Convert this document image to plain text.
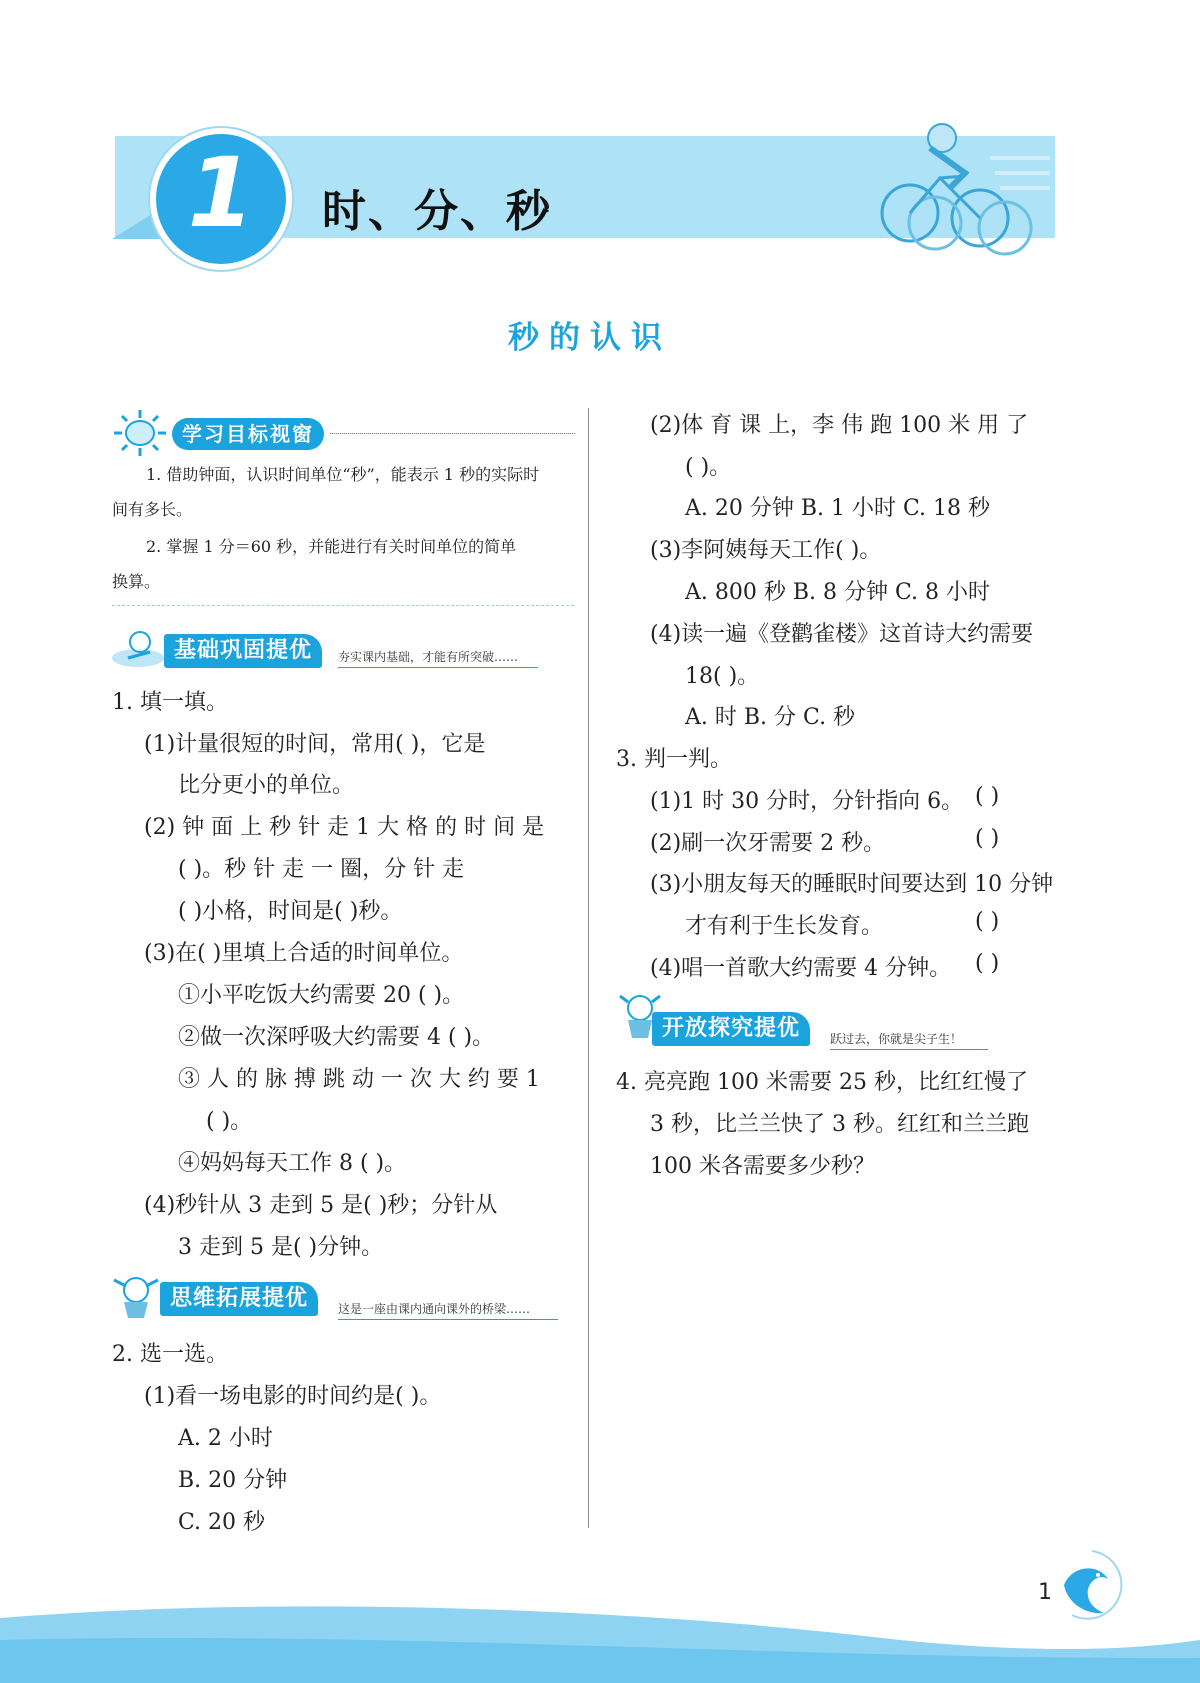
1	时、分、秒
秒的认识
学习目标视窗
1. 借助钟面，认识时间单位“秒”，能表示 1 秒的实际时
间有多长。
2. 掌握 1 分＝60 秒，并能进行有关时间单位的简单
换算。
基础巩固提优	夯实课内基础，才能有所突破……
1. 填一填。
(1)计量很短的时间，常用( )，它是
比分更小的单位。
(2) 钟 面 上 秒 针 走 1 大 格 的 时 间 是
( )。秒 针 走 一 圈，分 针 走
( )小格，时间是( )秒。
(3)在( )里填上合适的时间单位。
①小平吃饭大约需要 20 ( )。
②做一次深呼吸大约需要 4 ( )。
③ 人 的 脉 搏 跳 动 一 次 大 约 要 1
( )。
④妈妈每天工作 8 ( )。
(4)秒针从 3 走到 5 是( )秒；分针从
3 走到 5 是( )分钟。
思维拓展提优	这是一座由课内通向课外的桥梁……
2. 选一选。
(1)看一场电影的时间约是( )。
A. 2 小时
B. 20 分钟
C. 20 秒
(2)体 育 课 上，李 伟 跑 100 米 用 了
( )。
A. 20 分钟 B. 1 小时 C. 18 秒
(3)李阿姨每天工作( )。
A. 800 秒 B. 8 分钟 C. 8 小时
(4)读一遍《登鹳雀楼》这首诗大约需要
18( )。
A. 时 B. 分 C. 秒
3. 判一判。
(1)1 时 30 分时，分针指向 6。 ( )
(2)刷一次牙需要 2 秒。	( )
(3)小朋友每天的睡眠时间要达到 10 分钟
才有利于生长发育。	( )
(4)唱一首歌大约需要 4 分钟。 ( )
开放探究提优	跃过去，你就是尖子生！
4. 亮亮跑 100 米需要 25 秒，比红红慢了
3 秒，比兰兰快了 3 秒。红红和兰兰跑
100 米各需要多少秒？
1
